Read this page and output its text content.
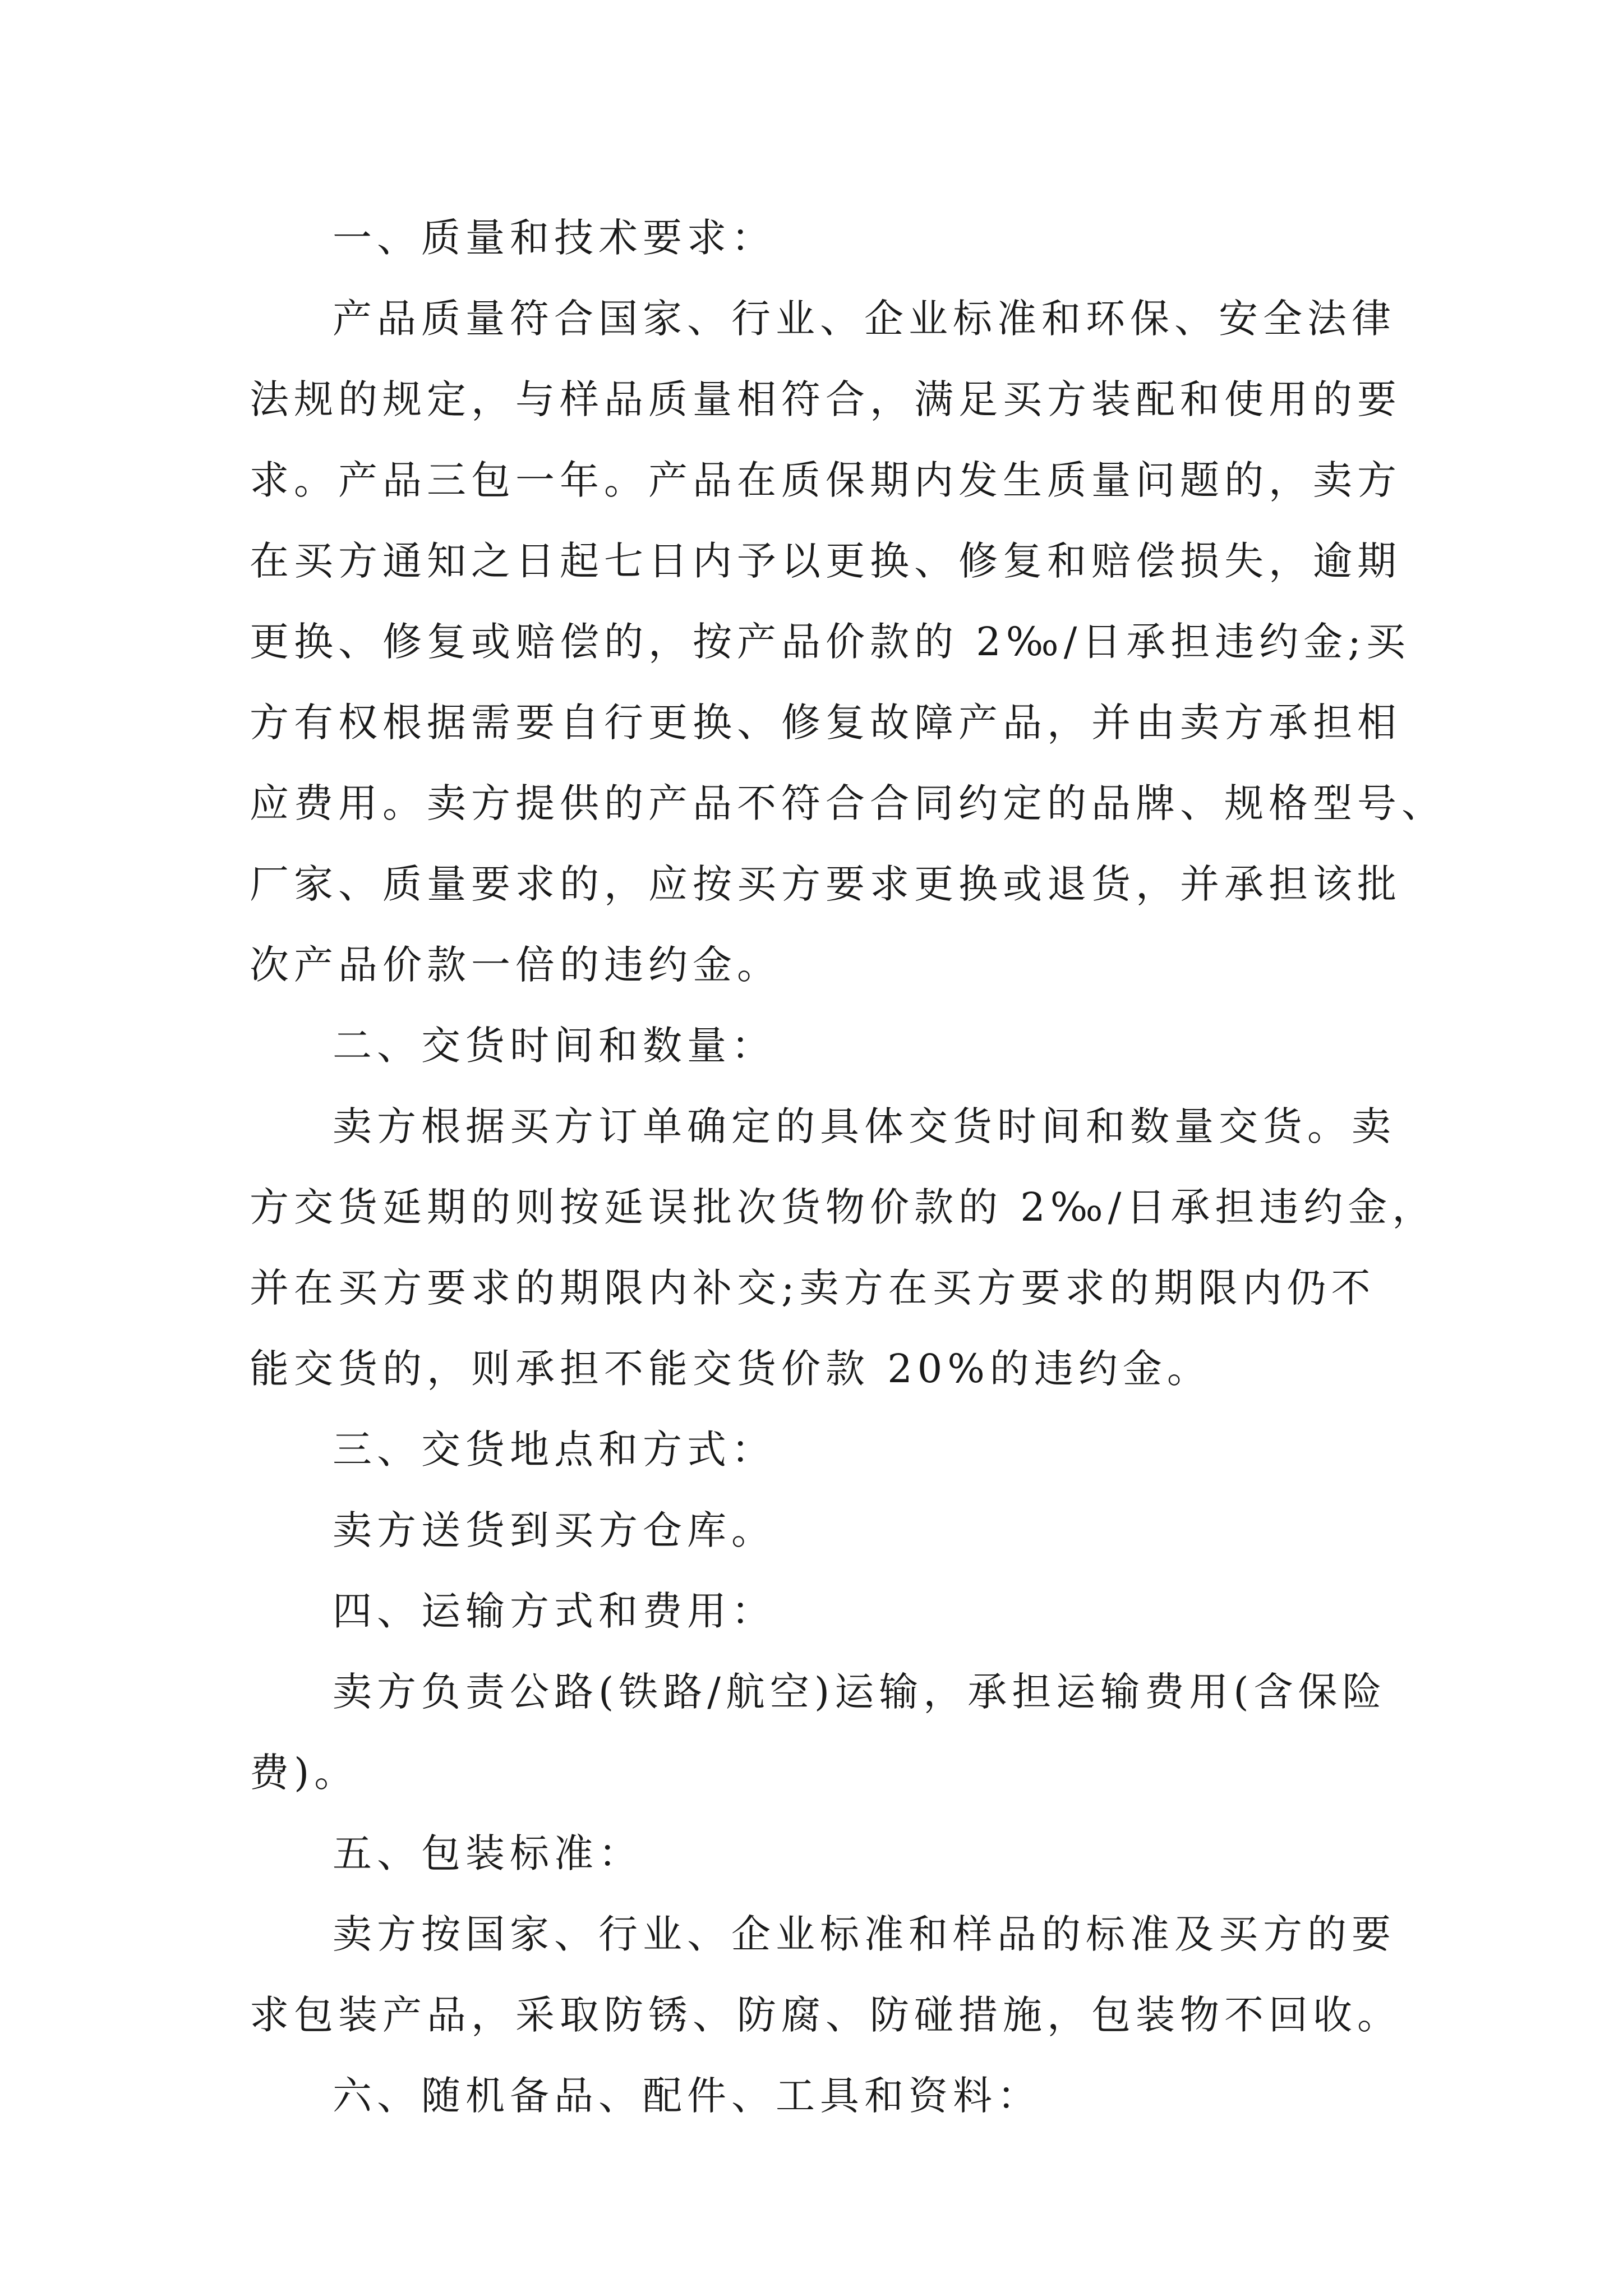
一、质量和技术要求：
产品质量符合国家、行业、企业标准和环保、安全法律
法规的规定，与样品质量相符合，满足买方装配和使用的要
求。产品三包一年。产品在质保期内发生质量问题的，卖方
在买方通知之日起七日内予以更换、修复和赔偿损失，逾期
更换、修复或赔偿的，按产品价款的 2‰/日承担违约金;买
方有权根据需要自行更换、修复故障产品，并由卖方承担相
应费用。卖方提供的产品不符合合同约定的品牌、规格型号、
厂家、质量要求的，应按买方要求更换或退货，并承担该批
次产品价款一倍的违约金。
二、交货时间和数量：
卖方根据买方订单确定的具体交货时间和数量交货。卖
方交货延期的则按延误批次货物价款的 2‰/日承担违约金，
并在买方要求的期限内补交;卖方在买方要求的期限内仍不
能交货的，则承担不能交货价款 20%的违约金。
三、交货地点和方式：
卖方送货到买方仓库。
四、运输方式和费用：
卖方负责公路(铁路/航空)运输，承担运输费用(含保险
费)。
五、包装标准：
卖方按国家、行业、企业标准和样品的标准及买方的要
求包装产品，采取防锈、防腐、防碰措施，包装物不回收。
六、随机备品、配件、工具和资料：
